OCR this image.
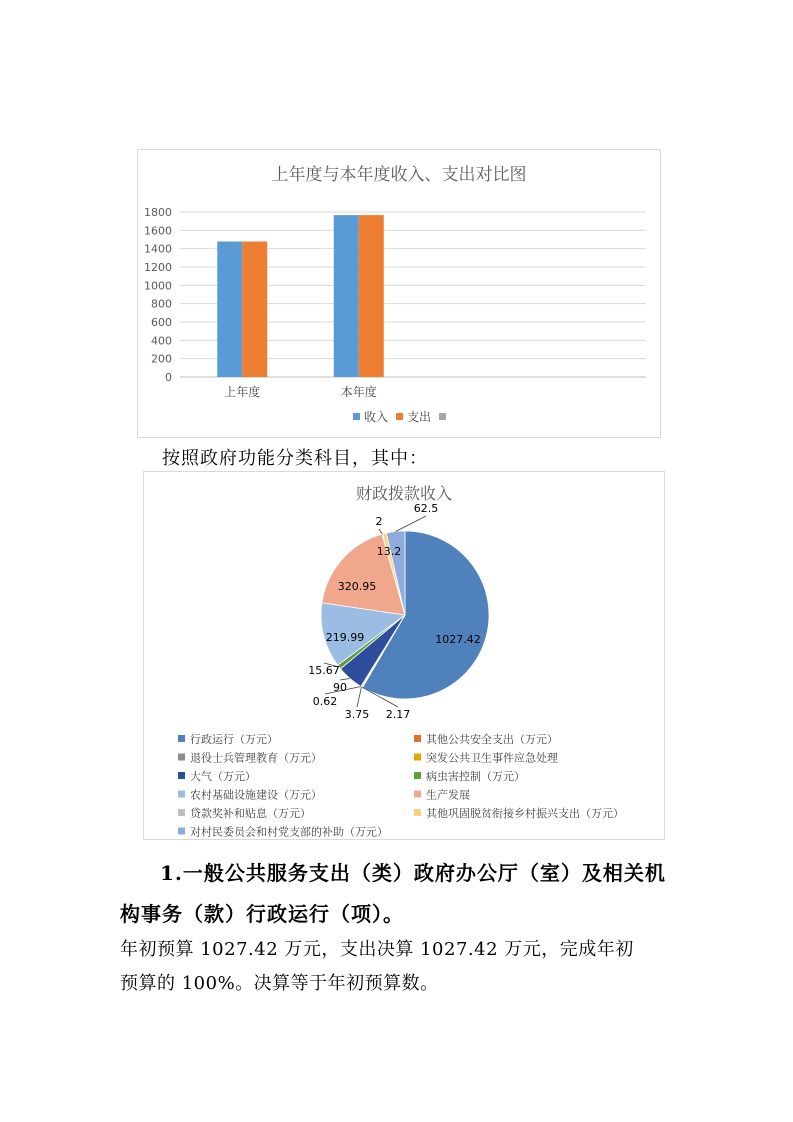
上年度与本年度收入、支出对比图
0
200
400
600
800
1000
1200
1400
1600
1800
上年度	本年度
收入 支出
按照政府功能分类科目，其中：
财政拨款收入
1027.42
2.17
3.75
0.62
90
15.67
219.99
320.95
2
13.2
62.5
行政运行（万元）	其他公共安全支出（万元）
退役士兵管理教育（万元）	突发公共卫生事件应急处理
大气（万元）	病虫害控制（万元）
农村基础设施建设（万元）	生产发展
贷款奖补和贴息（万元）	其他巩固脱贫衔接乡村振兴支出（万元）
对村民委员会和村党支部的补助（万元）
1.一般公共服务支出（类）政府办公厅（室）及相关机
构事务（款）行政运行（项）。
年初预算 1027.42 万元，支出决算 1027.42 万元，完成年初
预算的 100%。决算等于年初预算数。
